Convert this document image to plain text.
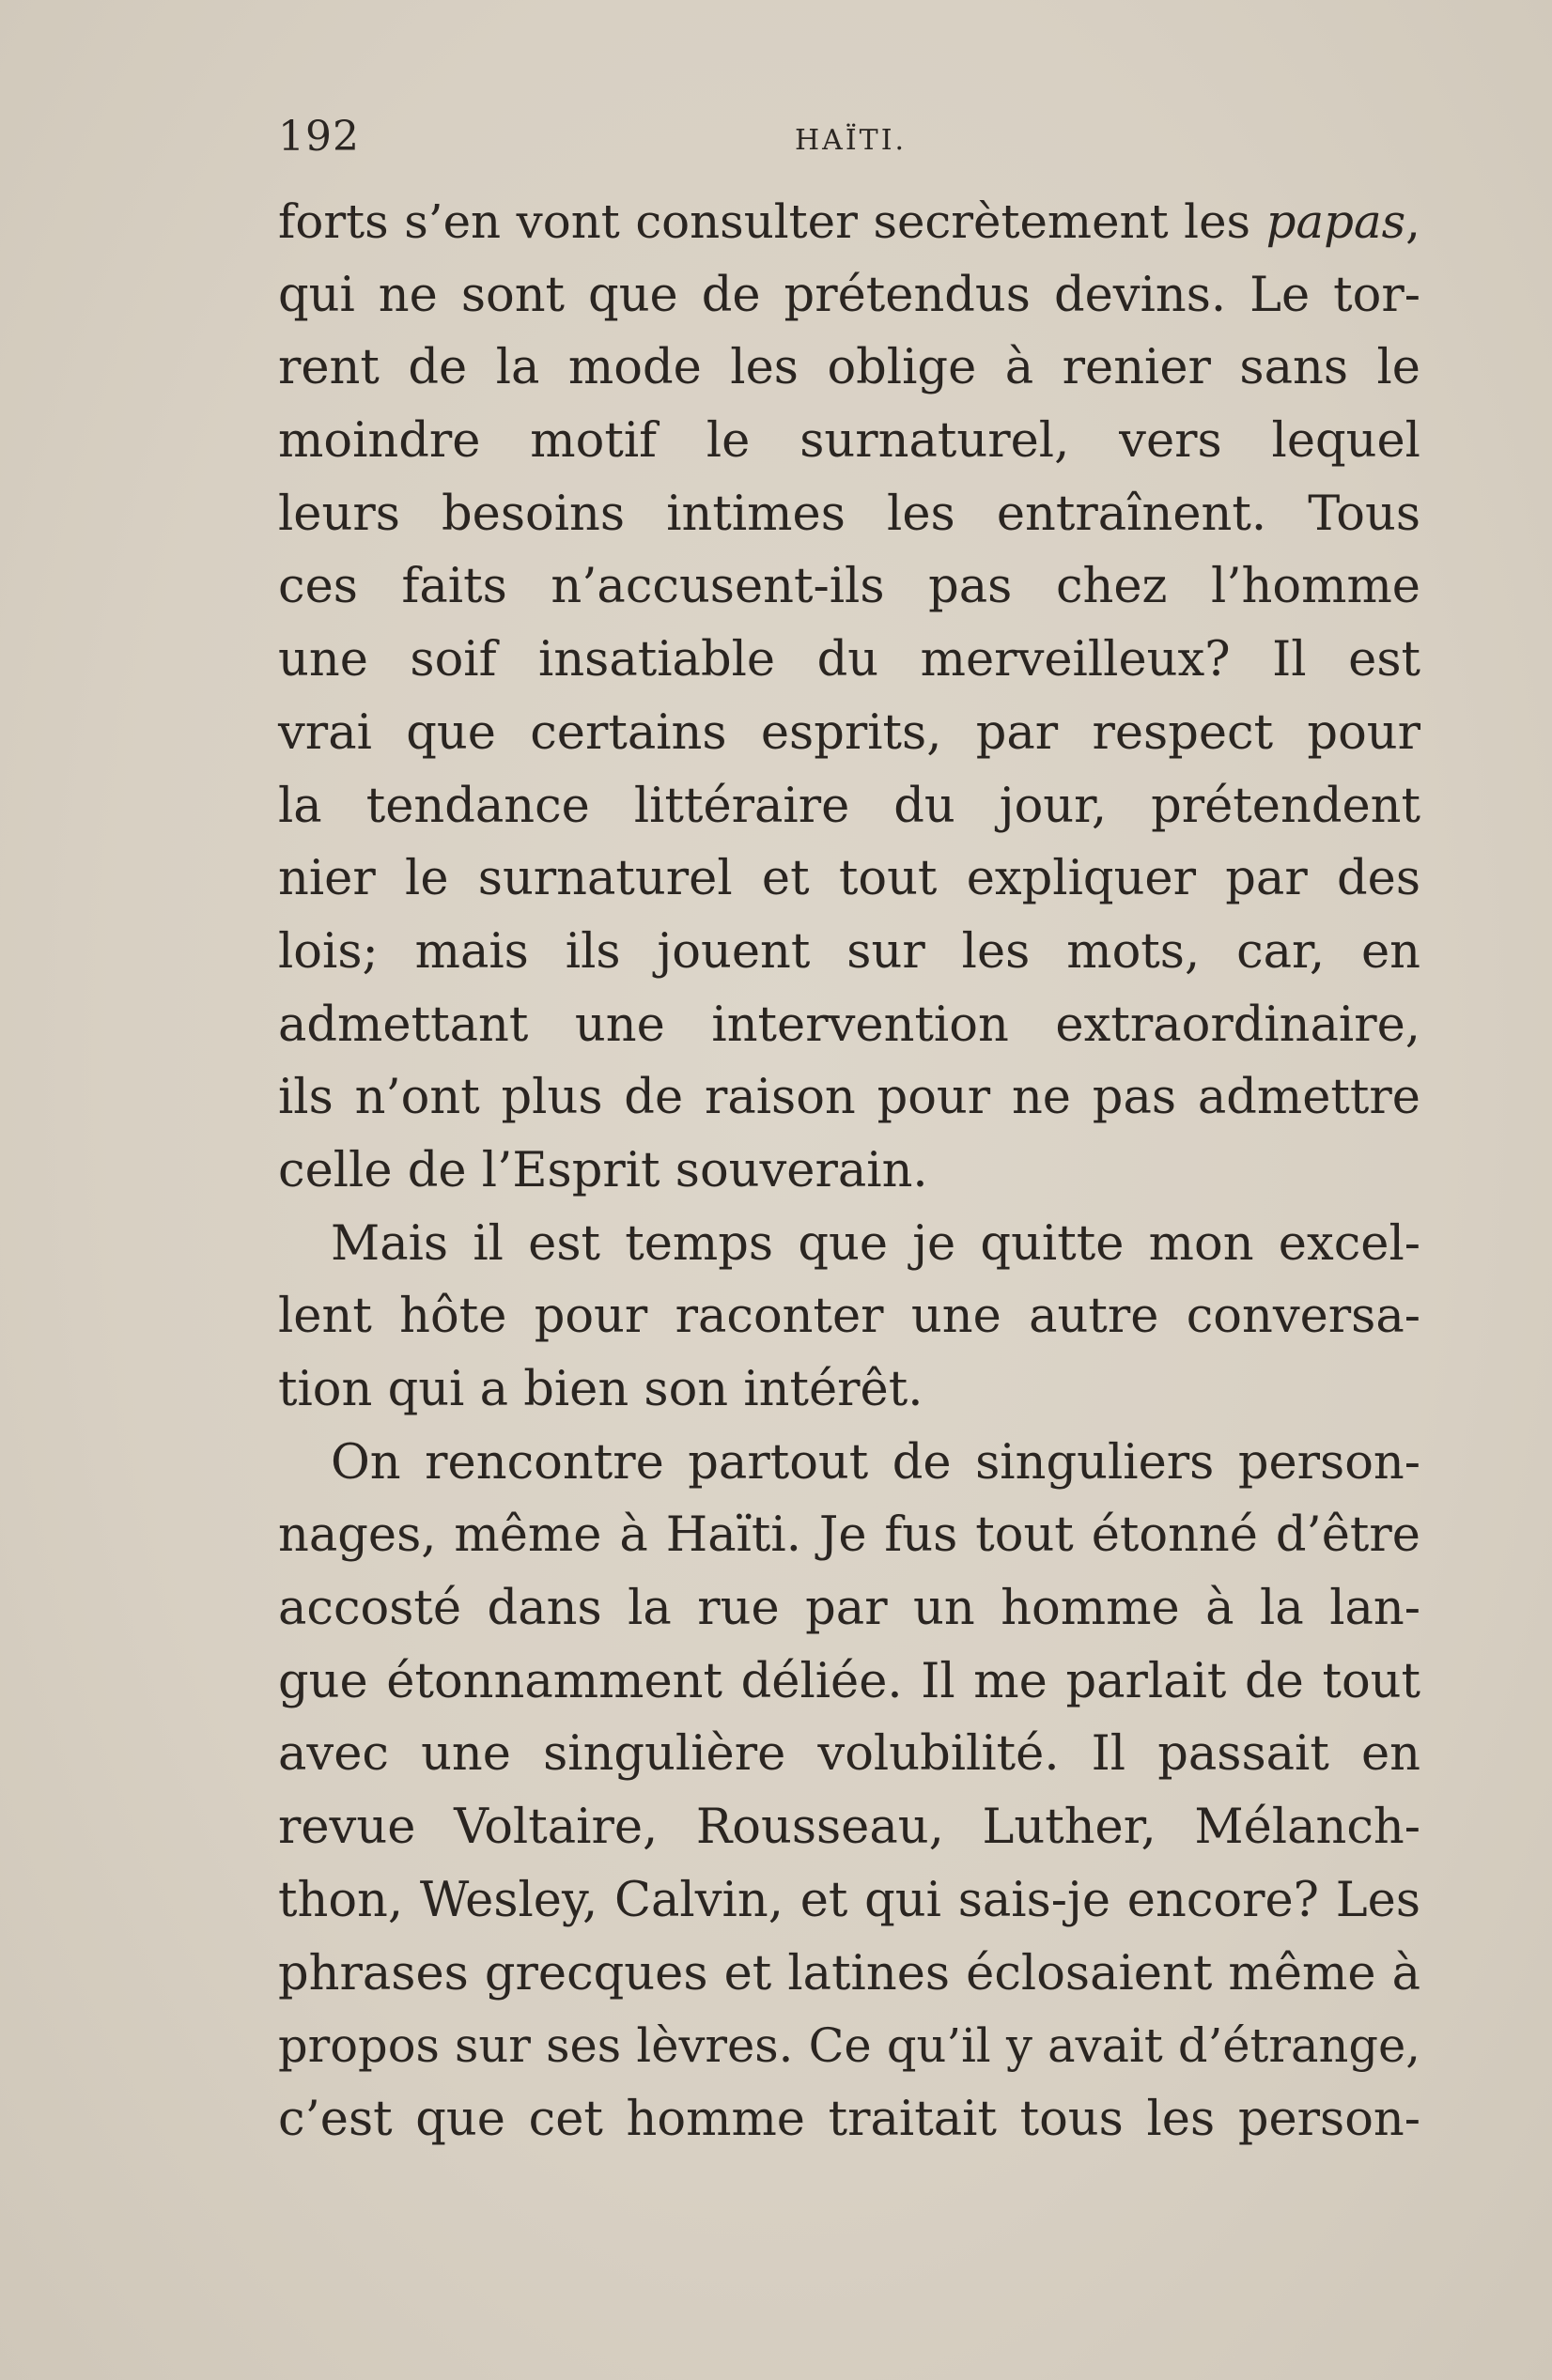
192	HAÏTI.
forts s’en vont consulter secrètement les papas,
qui ne sont que de prétendus devins. Le tor-
rent de la mode les oblige à renier sans le
moindre motif le surnaturel, vers lequel
leurs besoins intimes les entraînent. Tous
ces faits n’accusent-ils pas chez l’homme
une soif insatiable du merveilleux? Il est
vrai que certains esprits, par respect pour
la tendance littéraire du jour, prétendent
nier le surnaturel et tout expliquer par des
lois; mais ils jouent sur les mots, car, en
admettant une intervention extraordinaire,
ils n’ont plus de raison pour ne pas admettre
celle de l’Esprit souverain.
Mais il est temps que je quitte mon excel-
lent hôte pour raconter une autre conversa-
tion qui a bien son intérêt.
On rencontre partout de singuliers person-
nages, même à Haïti. Je fus tout étonné d’être
accosté dans la rue par un homme à la lan-
gue étonnamment déliée. Il me parlait de tout
avec une singulière volubilité. Il passait en
revue Voltaire, Rousseau, Luther, Mélanch-
thon, Wesley, Calvin, et qui sais-je encore? Les
phrases grecques et latines éclosaient même à
propos sur ses lèvres. Ce qu’il y avait d’étrange,
c’est que cet homme traitait tous les person-
